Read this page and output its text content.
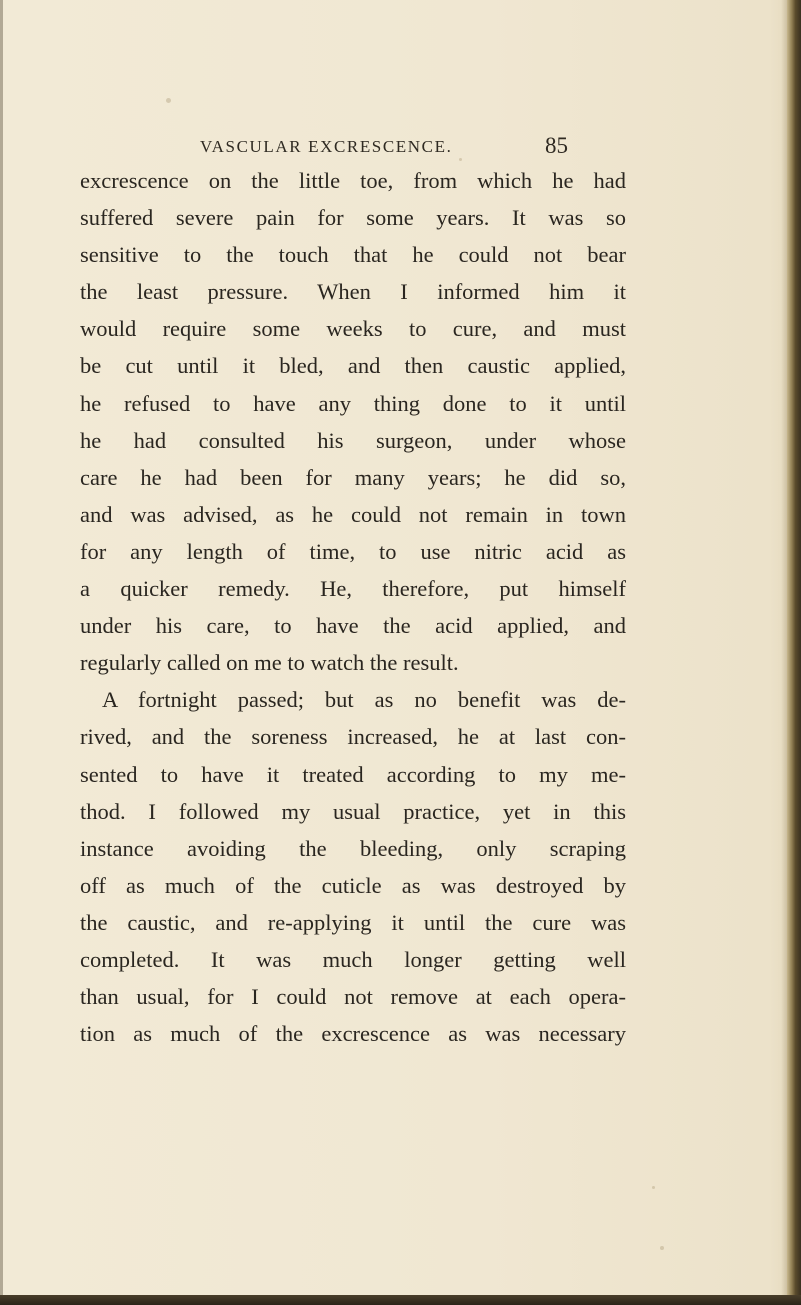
VASCULAR EXCRESCENCE.	85
excrescence on the little toe, from which he had
suffered severe pain for some years. It was so
sensitive to the touch that he could not bear
the least pressure. When I informed him it
would require some weeks to cure, and must
be cut until it bled, and then caustic applied,
he refused to have any thing done to it until
he had consulted his surgeon, under whose
care he had been for many years; he did so,
and was advised, as he could not remain in town
for any length of time, to use nitric acid as
a quicker remedy. He, therefore, put himself
under his care, to have the acid applied, and
regularly called on me to watch the result.
A fortnight passed; but as no benefit was de-
rived, and the soreness increased, he at last con-
sented to have it treated according to my me-
thod. I followed my usual practice, yet in this
instance avoiding the bleeding, only scraping
off as much of the cuticle as was destroyed by
the caustic, and re-applying it until the cure was
completed. It was much longer getting well
than usual, for I could not remove at each opera-
tion as much of the excrescence as was necessary
